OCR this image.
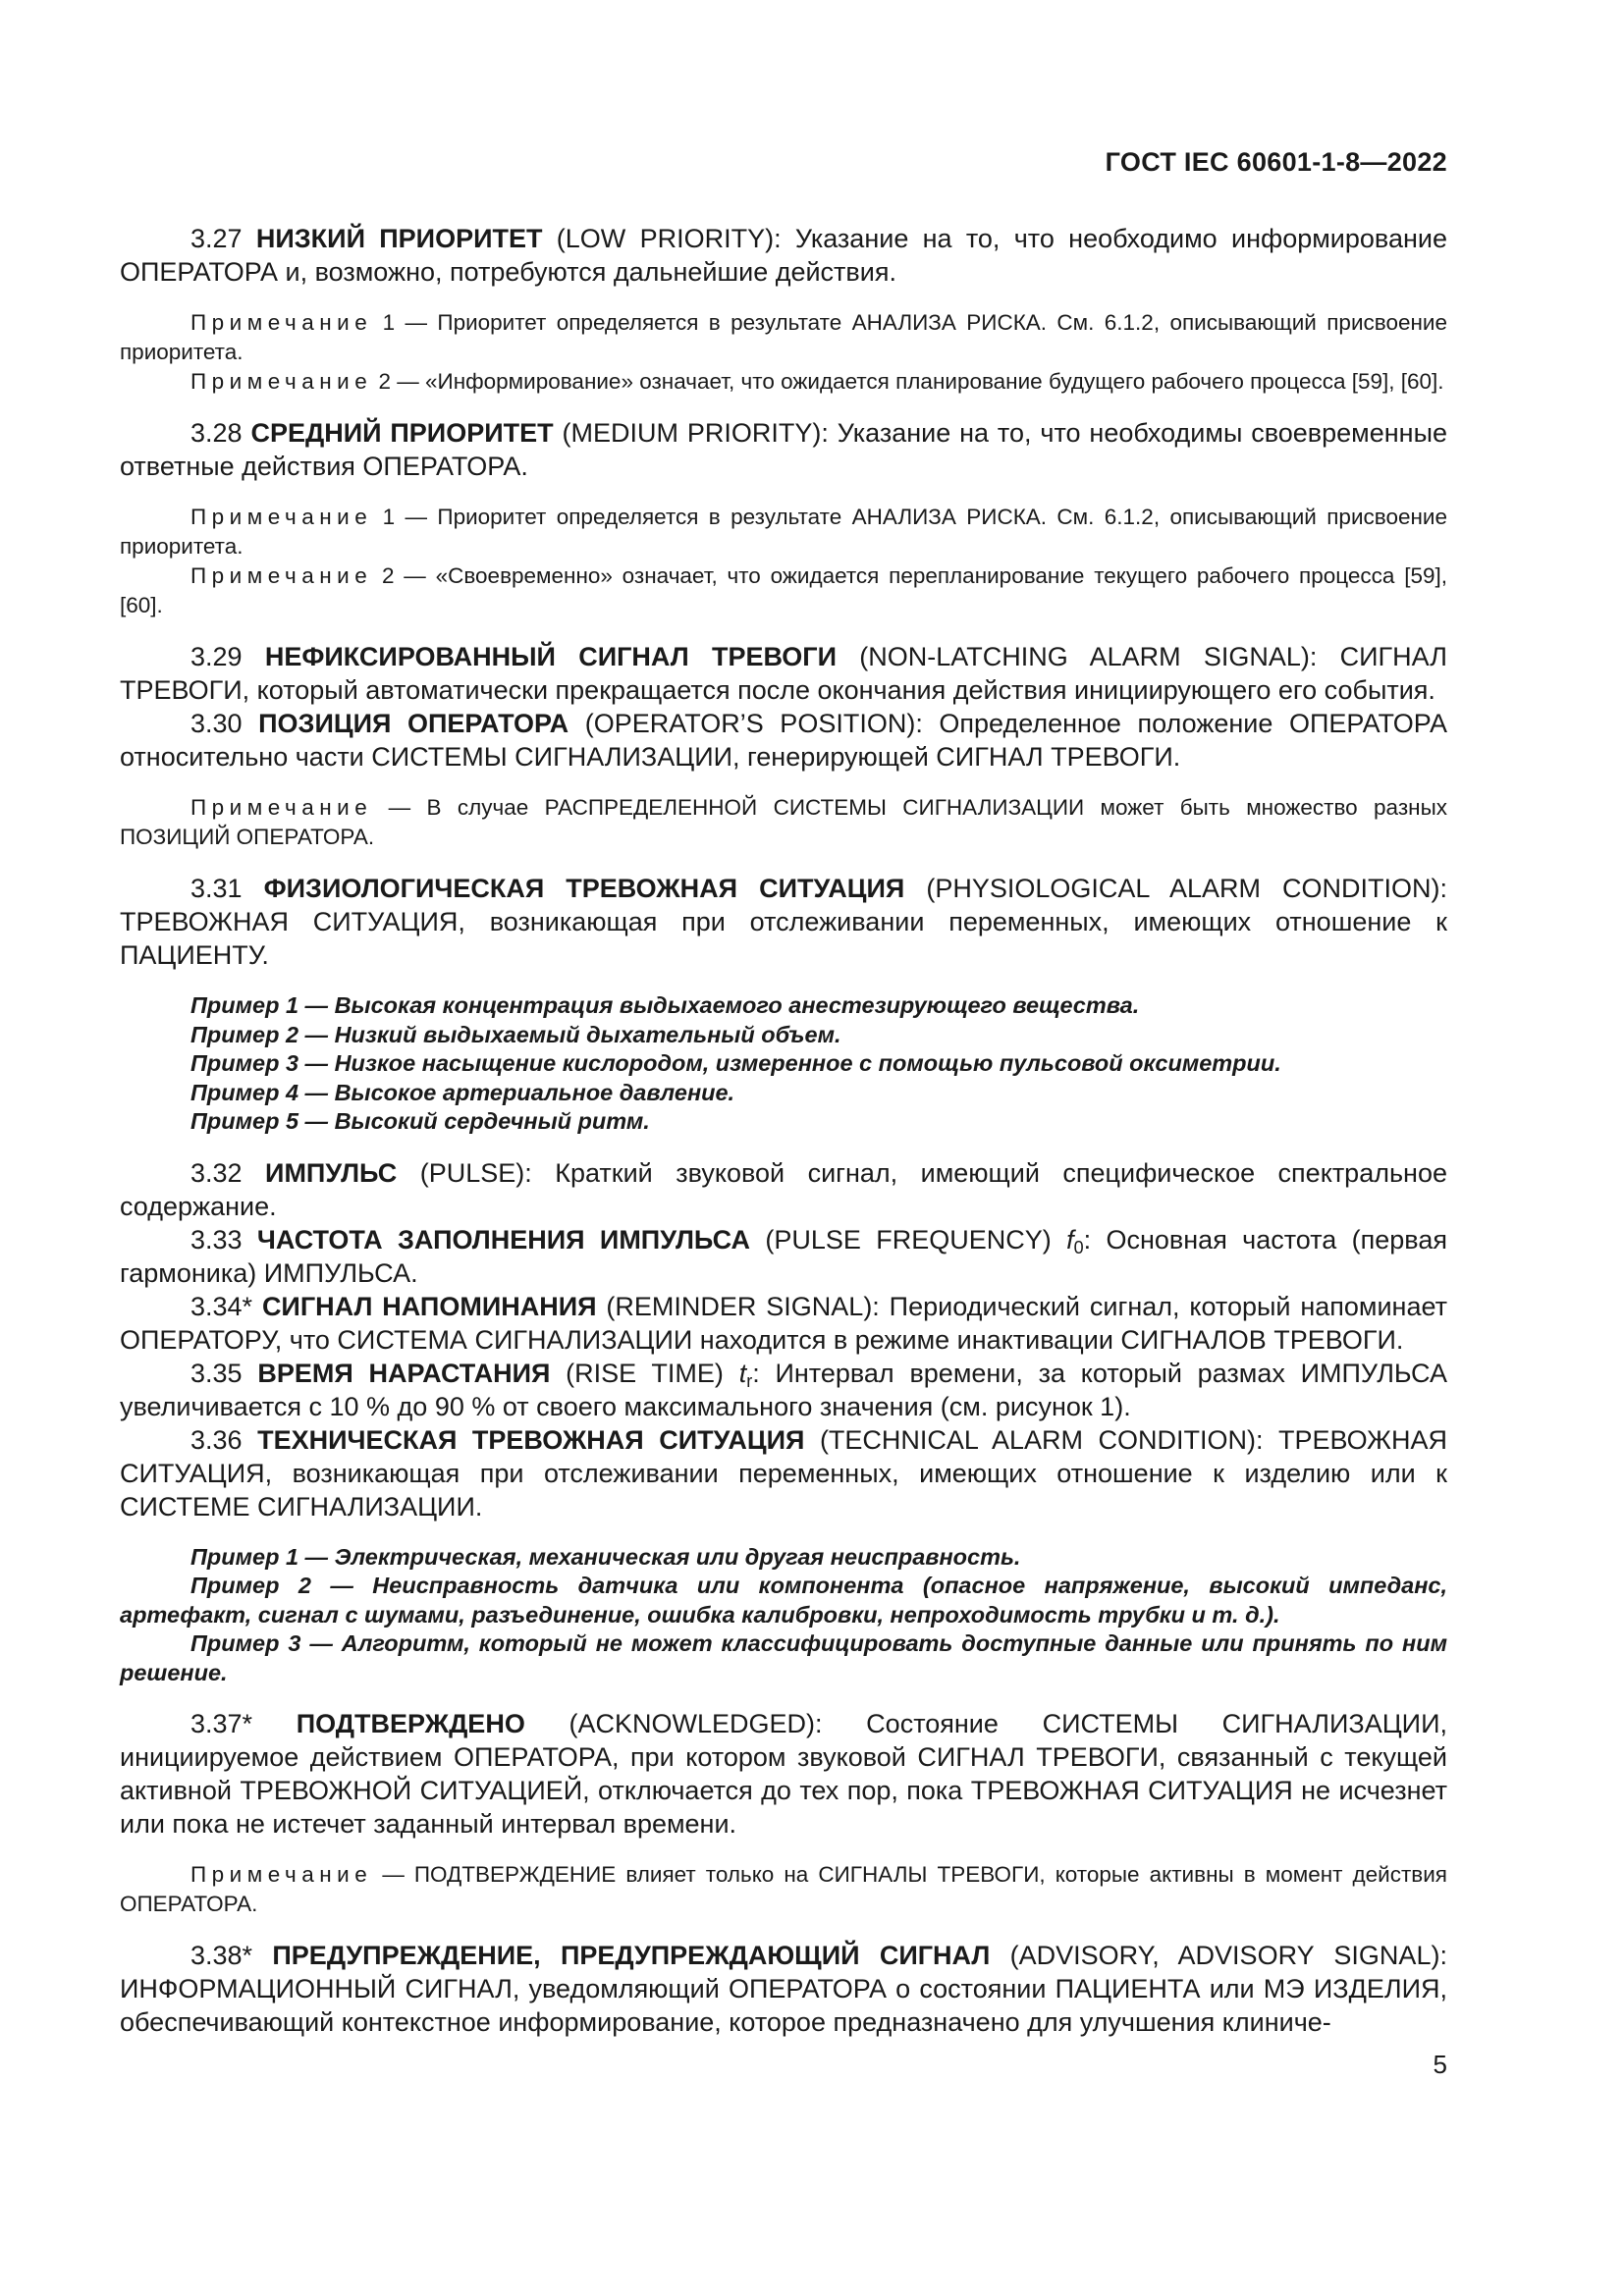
ГОСТ IEC 60601-1-8—2022

3.27 НИЗКИЙ ПРИОРИТЕТ (LOW PRIORITY): Указание на то, что необходимо информирование ОПЕРАТОРА и, возможно, потребуются дальнейшие действия.

Примечание 1 — Приоритет определяется в результате АНАЛИЗА РИСКА. См. 6.1.2, описывающий присвоение приоритета.

Примечание 2 — «Информирование» означает, что ожидается планирование будущего рабочего процесса [59], [60].

3.28 СРЕДНИЙ ПРИОРИТЕТ (MEDIUM PRIORITY): Указание на то, что необходимы своевременные ответные действия ОПЕРАТОРА.

Примечание 1 — Приоритет определяется в результате АНАЛИЗА РИСКА. См. 6.1.2, описывающий присвоение приоритета.

Примечание 2 — «Своевременно» означает, что ожидается перепланирование текущего рабочего процесса [59], [60].

3.29 НЕФИКСИРОВАННЫЙ СИГНАЛ ТРЕВОГИ (NON-LATCHING ALARM SIGNAL): СИГНАЛ ТРЕВОГИ, который автоматически прекращается после окончания действия инициирующего его события.

3.30 ПОЗИЦИЯ ОПЕРАТОРА (OPERATOR’S POSITION): Определенное положение ОПЕРАТОРА относительно части СИСТЕМЫ СИГНАЛИЗАЦИИ, генерирующей СИГНАЛ ТРЕВОГИ.

Примечание — В случае РАСПРЕДЕЛЕННОЙ СИСТЕМЫ СИГНАЛИЗАЦИИ может быть множество разных ПОЗИЦИЙ ОПЕРАТОРА.

3.31 ФИЗИОЛОГИЧЕСКАЯ ТРЕВОЖНАЯ СИТУАЦИЯ (PHYSIOLOGICAL ALARM CONDITION): ТРЕВОЖНАЯ СИТУАЦИЯ, возникающая при отслеживании переменных, имеющих отношение к ПАЦИЕНТУ.

Пример 1 — Высокая концентрация выдыхаемого анестезирующего вещества.

Пример 2 — Низкий выдыхаемый дыхательный объем.

Пример 3 — Низкое насыщение кислородом, измеренное с помощью пульсовой оксиметрии.

Пример 4 — Высокое артериальное давление.

Пример 5 — Высокий сердечный ритм.

3.32 ИМПУЛЬС (PULSE): Краткий звуковой сигнал, имеющий специфическое спектральное содержание.

3.33 ЧАСТОТА ЗАПОЛНЕНИЯ ИМПУЛЬСА (PULSE FREQUENCY) $f_0$: Основная частота (первая гармоника) ИМПУЛЬСА.

3.34* СИГНАЛ НАПОМИНАНИЯ (REMINDER SIGNAL): Периодический сигнал, который напоминает ОПЕРАТОРУ, что СИСТЕМА СИГНАЛИЗАЦИИ находится в режиме инактивации СИГНАЛОВ ТРЕВОГИ.

3.35 ВРЕМЯ НАРАСТАНИЯ (RISE TIME) $t_r$: Интервал времени, за который размах ИМПУЛЬСА увеличивается с 10 % до 90 % от своего максимального значения (см. рисунок 1).

3.36 ТЕХНИЧЕСКАЯ ТРЕВОЖНАЯ СИТУАЦИЯ (TECHNICAL ALARM CONDITION): ТРЕВОЖНАЯ СИТУАЦИЯ, возникающая при отслеживании переменных, имеющих отношение к изделию или к СИСТЕМЕ СИГНАЛИЗАЦИИ.

Пример 1 — Электрическая, механическая или другая неисправность.

Пример 2 — Неисправность датчика или компонента (опасное напряжение, высокий импеданс, артефакт, сигнал с шумами, разъединение, ошибка калибровки, непроходимость трубки и т. д.).

Пример 3 — Алгоритм, который не может классифицировать доступные данные или принять по ним решение.

3.37* ПОДТВЕРЖДЕНО (ACKNOWLEDGED): Состояние СИСТЕМЫ СИГНАЛИЗАЦИИ, инициируемое действием ОПЕРАТОРА, при котором звуковой СИГНАЛ ТРЕВОГИ, связанный с текущей активной ТРЕВОЖНОЙ СИТУАЦИЕЙ, отключается до тех пор, пока ТРЕВОЖНАЯ СИТУАЦИЯ не исчезнет или пока не истечет заданный интервал времени.

Примечание — ПОДТВЕРЖДЕНИЕ влияет только на СИГНАЛЫ ТРЕВОГИ, которые активны в момент действия ОПЕРАТОРА.

3.38* ПРЕДУПРЕЖДЕНИЕ, ПРЕДУПРЕЖДАЮЩИЙ СИГНАЛ (ADVISORY, ADVISORY SIGNAL): ИНФОРМАЦИОННЫЙ СИГНАЛ, уведомляющий ОПЕРАТОРА о состоянии ПАЦИЕНТА или МЭ ИЗДЕЛИЯ, обеспечивающий контекстное информирование, которое предназначено для улучшения клиниче-

5
